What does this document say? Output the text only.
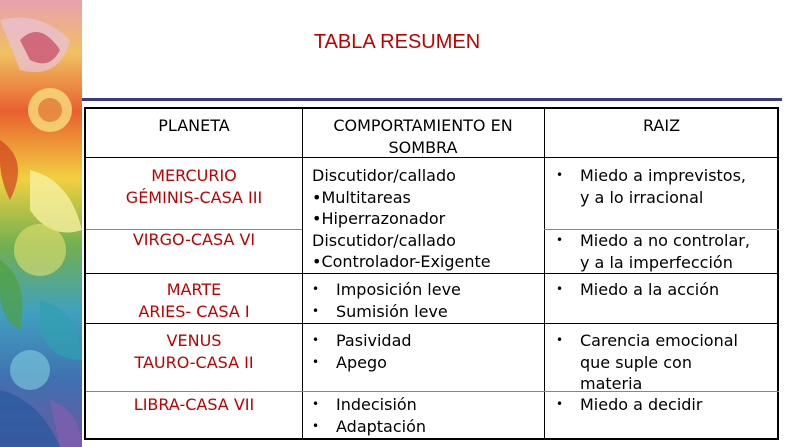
TABLA RESUMEN
PLANETA	COMPORTAMIENTO EN
SOMBRA
RAIZ
MERCURIO
GÉMINIS-CASA III
VIRGO-CASA VI
Discutidor/callado
•Multitareas
•Hiperrazonador
Discutidor/callado
•Controlador-Exigente
• Miedo a imprevistos,
y a lo irracional
• Miedo a no controlar,
y a la imperfección
MARTE
ARIES- CASA I
• Imposición leve
• Sumisión leve
• Miedo a la acción
VENUS
TAURO-CASA II
LIBRA-CASA VII
• Pasividad
• Apego
• Indecisión
• Adaptación
• Carencia emocional
que suple con
materia
• Miedo a decidir
